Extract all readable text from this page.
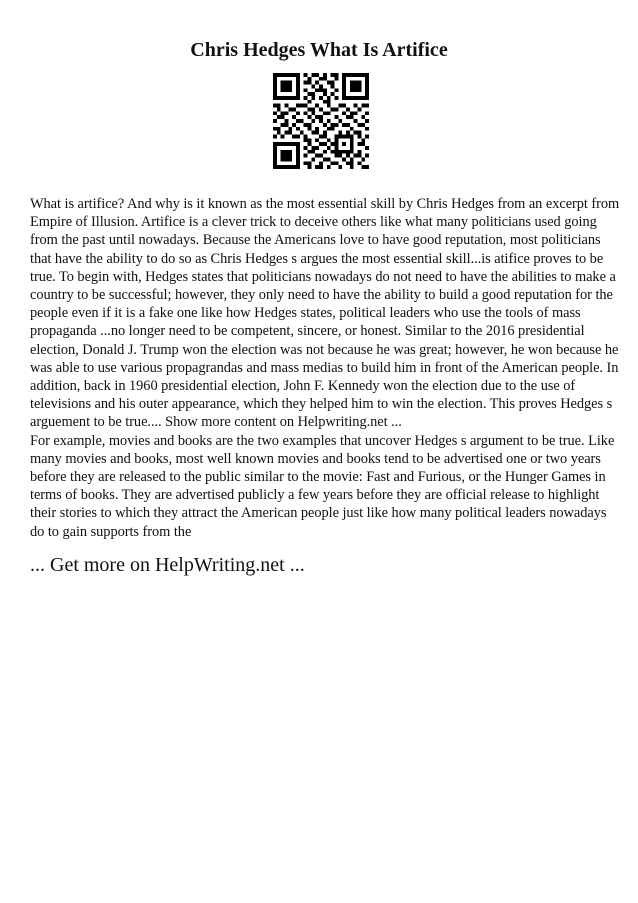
Chris Hedges What Is Artifice

What is artifice? And why is it known as the most essential skill by Chris Hedges from an excerpt from Empire of Illusion. Artifice is a clever trick to deceive others like what many politicians used going from the past until nowadays. Because the Americans love to have good reputation, most politicians that have the ability to do so as Chris Hedges s argues the most essential skill...is atifice proves to be true. To begin with, Hedges states that politicians nowadays do not need to have the abilities to make a country to be successful; however, they only need to have the ability to build a good reputation for the people even if it is a fake one like how Hedges states, political leaders who use the tools of mass propaganda ...no longer need to be competent, sincere, or honest. Similar to the 2016 presidential election, Donald J. Trump won the election was not because he was great; however, he won because he was able to use various propagrandas and mass medias to build him in front of the American people. In addition, back in 1960 presidential election, John F. Kennedy won the election due to the use of televisions and his outer appearance, which they helped him to win the election. This proves Hedges s arguement to be true.... Show more content on Helpwriting.net ...

For example, movies and books are the two examples that uncover Hedges s argument to be true. Like many movies and books, most well known movies and books tend to be advertised one or two years before they are released to the public similar to the movie: Fast and Furious, or the Hunger Games in terms of books. They are advertised publicly a few years before they are official release to highlight their stories to which they attract the American people just like how many political leaders nowadays do to gain supports from the

... Get more on HelpWriting.net ...
